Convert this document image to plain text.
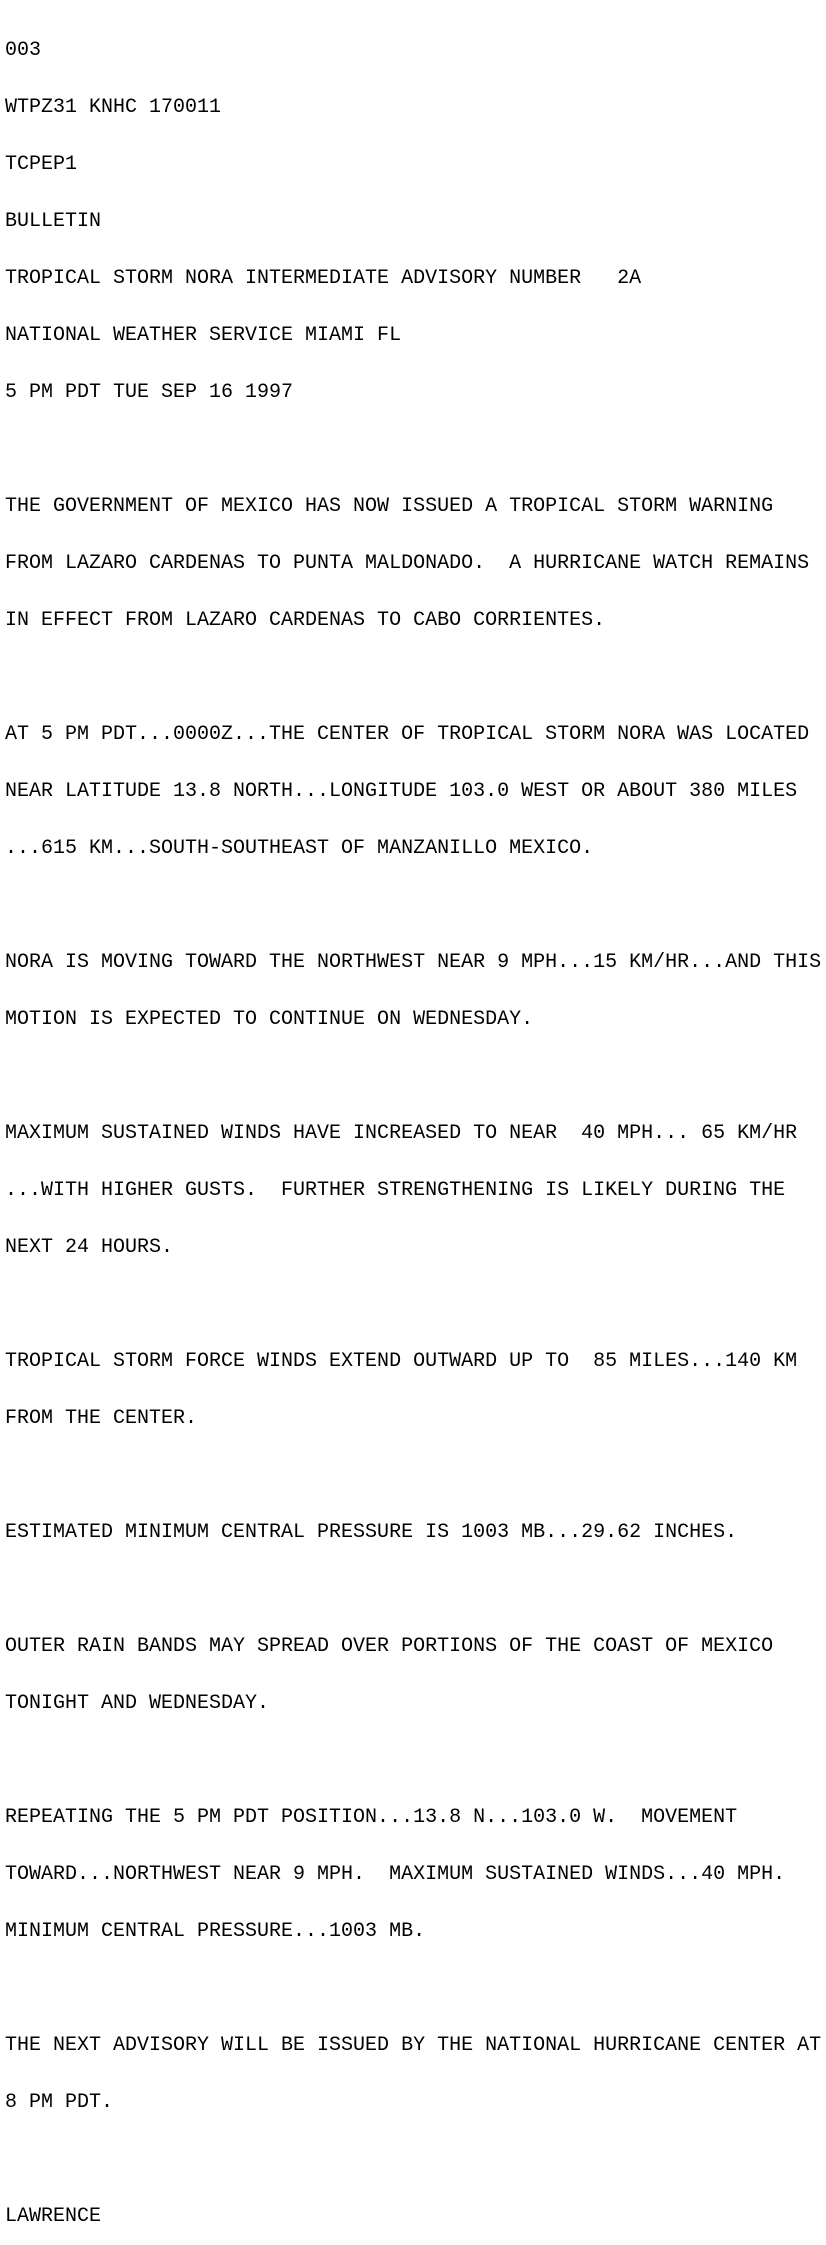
003

WTPZ31 KNHC 170011

TCPEP1

BULLETIN

TROPICAL STORM NORA INTERMEDIATE ADVISORY NUMBER   2A

NATIONAL WEATHER SERVICE MIAMI FL

5 PM PDT TUE SEP 16 1997

THE GOVERNMENT OF MEXICO HAS NOW ISSUED A TROPICAL STORM WARNING

FROM LAZARO CARDENAS TO PUNTA MALDONADO.  A HURRICANE WATCH REMAINS

IN EFFECT FROM LAZARO CARDENAS TO CABO CORRIENTES.

AT 5 PM PDT...0000Z...THE CENTER OF TROPICAL STORM NORA WAS LOCATED

NEAR LATITUDE 13.8 NORTH...LONGITUDE 103.0 WEST OR ABOUT 380 MILES

...615 KM...SOUTH-SOUTHEAST OF MANZANILLO MEXICO.

NORA IS MOVING TOWARD THE NORTHWEST NEAR 9 MPH...15 KM/HR...AND THIS

MOTION IS EXPECTED TO CONTINUE ON WEDNESDAY.

MAXIMUM SUSTAINED WINDS HAVE INCREASED TO NEAR  40 MPH... 65 KM/HR

...WITH HIGHER GUSTS.  FURTHER STRENGTHENING IS LIKELY DURING THE

NEXT 24 HOURS.

TROPICAL STORM FORCE WINDS EXTEND OUTWARD UP TO  85 MILES...140 KM

FROM THE CENTER.

ESTIMATED MINIMUM CENTRAL PRESSURE IS 1003 MB...29.62 INCHES.

OUTER RAIN BANDS MAY SPREAD OVER PORTIONS OF THE COAST OF MEXICO

TONIGHT AND WEDNESDAY.

REPEATING THE 5 PM PDT POSITION...13.8 N...103.0 W.  MOVEMENT

TOWARD...NORTHWEST NEAR 9 MPH.  MAXIMUM SUSTAINED WINDS...40 MPH.

MINIMUM CENTRAL PRESSURE...1003 MB.

THE NEXT ADVISORY WILL BE ISSUED BY THE NATIONAL HURRICANE CENTER AT

8 PM PDT.

LAWRENCE
